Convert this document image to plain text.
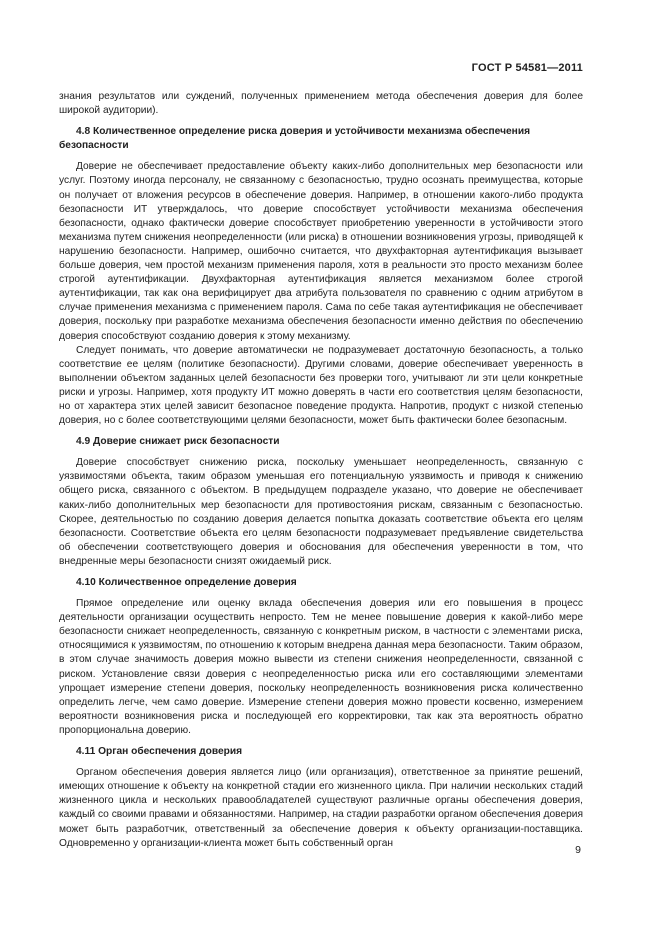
ГОСТ Р 54581—2011

знания результатов или суждений, полученных применением метода обеспечения доверия для более широкой аудитории).

4.8 Количественное определение риска доверия и устойчивости механизма обеспечения безопасности

Доверие не обеспечивает предоставление объекту каких-либо дополнительных мер безопасности или услуг. Поэтому иногда персоналу, не связанному с безопасностью, трудно осознать преимущества, которые он получает от вложения ресурсов в обеспечение доверия. Например, в отношении какого-либо продукта безопасности ИТ утверждалось, что доверие способствует устойчивости механизма обеспечения безопасности, однако фактически доверие способствует приобретению уверенности в устойчивости этого механизма путем снижения неопределенности (или риска) в отношении возникновения угрозы, приводящей к нарушению безопасности. Например, ошибочно считается, что двухфакторная аутентификация вызывает больше доверия, чем простой механизм применения пароля, хотя в реальности это просто механизм более строгой аутентификации. Двухфакторная аутентификация является механизмом более строгой аутентификации, так как она верифицирует два атрибута пользователя по сравнению с одним атрибутом в случае применения механизма с применением пароля. Сама по себе такая аутентификация не обеспечивает доверия, поскольку при разработке механизма обеспечения безопасности именно действия по обеспечению доверия способствуют созданию доверия к этому механизму.

Следует понимать, что доверие автоматически не подразумевает достаточную безопасность, а только соответствие ее целям (политике безопасности). Другими словами, доверие обеспечивает уверенность в выполнении объектом заданных целей безопасности без проверки того, учитывают ли эти цели конкретные риски и угрозы. Например, хотя продукту ИТ можно доверять в части его соответствия целям безопасности, но от характера этих целей зависит безопасное поведение продукта. Напротив, продукт с низкой степенью доверия, но с более соответствующими целями безопасности, может быть фактически более безопасным.

4.9 Доверие снижает риск безопасности

Доверие способствует снижению риска, поскольку уменьшает неопределенность, связанную с уязвимостями объекта, таким образом уменьшая его потенциальную уязвимость и приводя к снижению общего риска, связанного с объектом. В предыдущем подразделе указано, что доверие не обеспечивает каких-либо дополнительных мер безопасности для противостояния рискам, связанным с безопасностью. Скорее, деятельностью по созданию доверия делается попытка доказать соответствие объекта его целям безопасности. Соответствие объекта его целям безопасности подразумевает предъявление свидетельства об обеспечении соответствующего доверия и обоснования для обеспечения уверенности в том, что внедренные меры безопасности снизят ожидаемый риск.

4.10 Количественное определение доверия

Прямое определение или оценку вклада обеспечения доверия или его повышения в процесс деятельности организации осуществить непросто. Тем не менее повышение доверия к какой-либо мере безопасности снижает неопределенность, связанную с конкретным риском, в частности с элементами риска, относящимися к уязвимостям, по отношению к которым внедрена данная мера безопасности. Таким образом, в этом случае значимость доверия можно вывести из степени снижения неопределенности, связанной с риском. Установление связи доверия с неопределенностью риска или его составляющими элементами упрощает измерение степени доверия, поскольку неопределенность возникновения риска количественно определить легче, чем само доверие. Измерение степени доверия можно провести косвенно, измерением вероятности возникновения риска и последующей его корректировки, так как эта вероятность обратно пропорциональна доверию.

4.11 Орган обеспечения доверия

Органом обеспечения доверия является лицо (или организация), ответственное за принятие решений, имеющих отношение к объекту на конкретной стадии его жизненного цикла. При наличии нескольких стадий жизненного цикла и нескольких правообладателей существуют различные органы обеспечения доверия, каждый со своими правами и обязанностями. Например, на стадии разработки органом обеспечения доверия может быть разработчик, ответственный за обеспечение доверия к объекту организации-поставщика. Одновременно у организации-клиента может быть собственный орган

9
